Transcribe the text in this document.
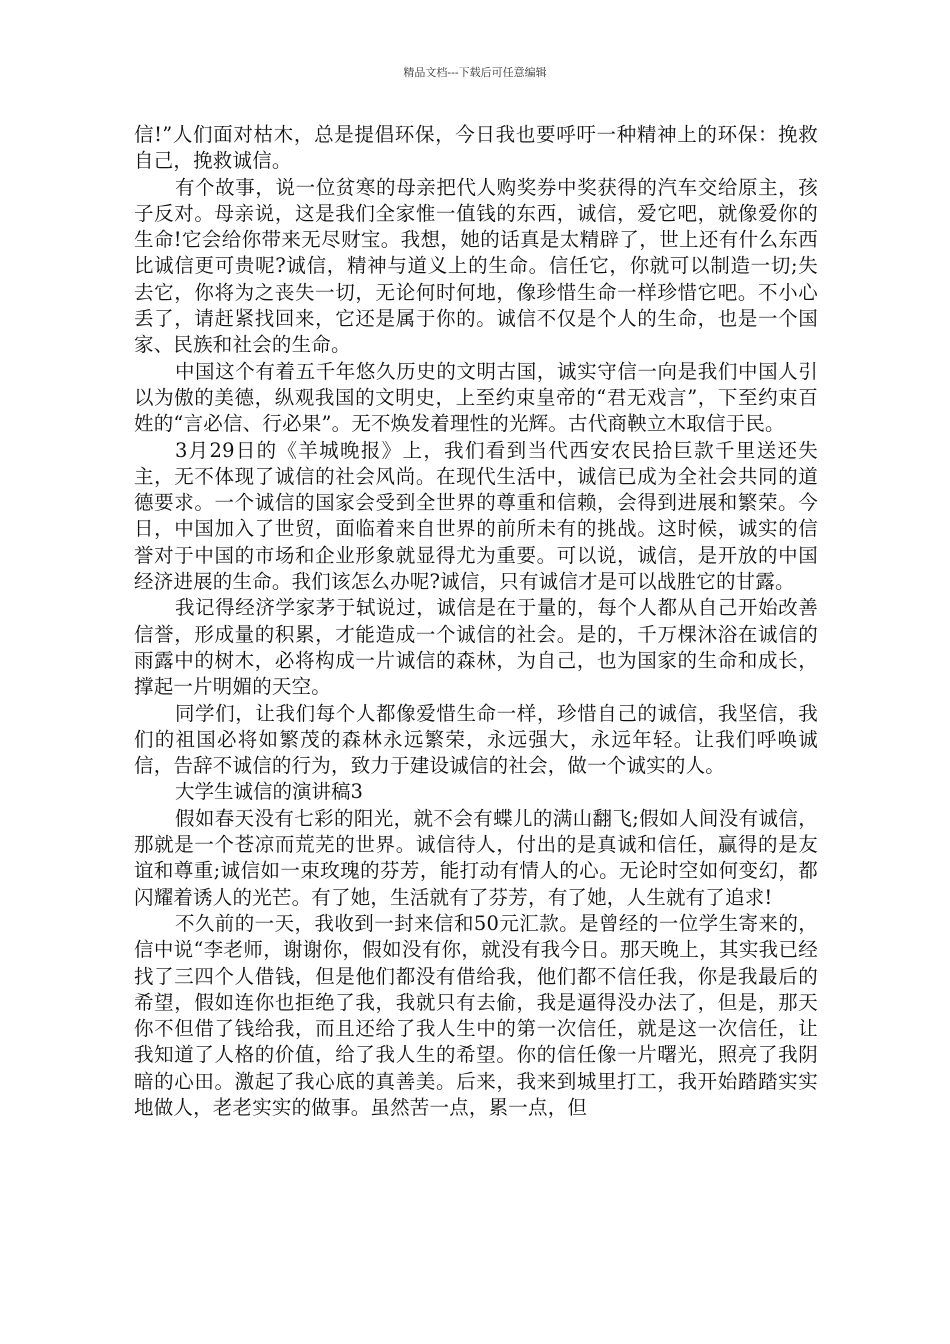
精品文档---下载后可任意编辑

信!”人们面对枯木，总是提倡环保，今日我也要呼吁一种精神上的环保：挽救自己，挽救诚信。

有个故事，说一位贫寒的母亲把代人购奖券中奖获得的汽车交给原主，孩子反对。母亲说，这是我们全家惟一值钱的东西，诚信，爱它吧，就像爱你的生命!它会给你带来无尽财宝。我想，她的话真是太精辟了，世上还有什么东西比诚信更可贵呢?诚信，精神与道义上的生命。信任它，你就可以制造一切;失去它，你将为之丧失一切，无论何时何地，像珍惜生命一样珍惜它吧。不小心丢了，请赶紧找回来，它还是属于你的。诚信不仅是个人的生命，也是一个国家、民族和社会的生命。

中国这个有着五千年悠久历史的文明古国，诚实守信一向是我们中国人引以为傲的美德，纵观我国的文明史，上至约束皇帝的“君无戏言”，下至约束百姓的“言必信、行必果”。无不焕发着理性的光辉。古代商鞅立木取信于民。

3月29日的《羊城晚报》上，我们看到当代西安农民拾巨款千里送还失主，无不体现了诚信的社会风尚。在现代生活中，诚信已成为全社会共同的道德要求。一个诚信的国家会受到全世界的尊重和信赖，会得到进展和繁荣。今日，中国加入了世贸，面临着来自世界的前所未有的挑战。这时候，诚实的信誉对于中国的市场和企业形象就显得尤为重要。可以说，诚信，是开放的中国经济进展的生命。我们该怎么办呢?诚信，只有诚信才是可以战胜它的甘露。

我记得经济学家茅于轼说过，诚信是在于量的，每个人都从自己开始改善信誉，形成量的积累，才能造成一个诚信的社会。是的，千万棵沐浴在诚信的雨露中的树木，必将构成一片诚信的森林，为自己，也为国家的生命和成长，撑起一片明媚的天空。

同学们，让我们每个人都像爱惜生命一样，珍惜自己的诚信，我坚信，我们的祖国必将如繁茂的森林永远繁荣，永远强大，永远年轻。让我们呼唤诚信，告辞不诚信的行为，致力于建设诚信的社会，做一个诚实的人。

大学生诚信的演讲稿3

假如春天没有七彩的阳光，就不会有蝶儿的满山翻飞;假如人间没有诚信，那就是一个苍凉而荒芜的世界。诚信待人，付出的是真诚和信任，赢得的是友谊和尊重;诚信如一束玫瑰的芬芳，能打动有情人的心。无论时空如何变幻，都闪耀着诱人的光芒。有了她，生活就有了芬芳，有了她，人生就有了追求!

不久前的一天，我收到一封来信和50元汇款。是曾经的一位学生寄来的，信中说“李老师，谢谢你，假如没有你，就没有我今日。那天晚上，其实我已经找了三四个人借钱，但是他们都没有借给我，他们都不信任我，你是我最后的希望，假如连你也拒绝了我，我就只有去偷，我是逼得没办法了，但是，那天你不但借了钱给我，而且还给了我人生中的第一次信任，就是这一次信任，让我知道了人格的价值，给了我人生的希望。你的信任像一片曙光，照亮了我阴暗的心田。激起了我心底的真善美。后来，我来到城里打工，我开始踏踏实实地做人，老老实实的做事。虽然苦一点，累一点，但
